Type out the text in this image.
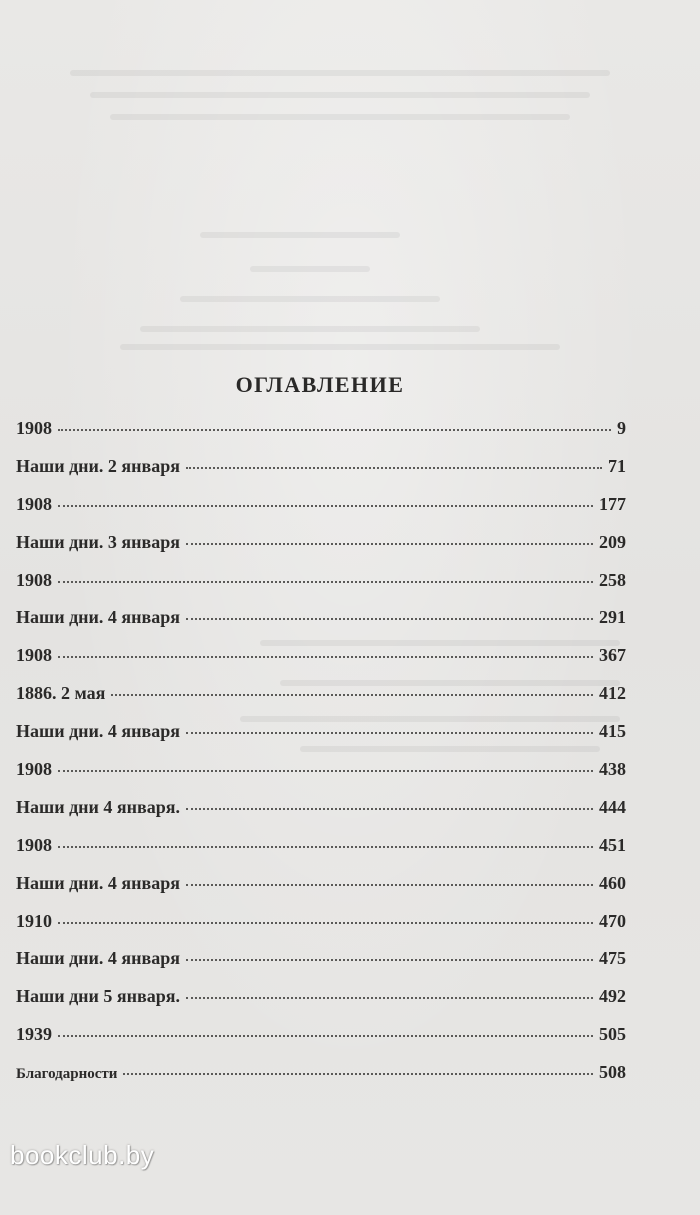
ОГЛАВЛЕНИЕ
1908	9
Наши дни. 2 января	71
1908	177
Наши дни. 3 января	209
1908	258
Наши дни. 4 января	291
1908	367
1886. 2 мая	412
Наши дни. 4 января	415
1908	438
Наши дни 4 января.	444
1908	451
Наши дни. 4 января	460
1910	470
Наши дни. 4 января	475
Наши дни 5 января.	492
1939	505
Благодарности	508
bookclub.by
